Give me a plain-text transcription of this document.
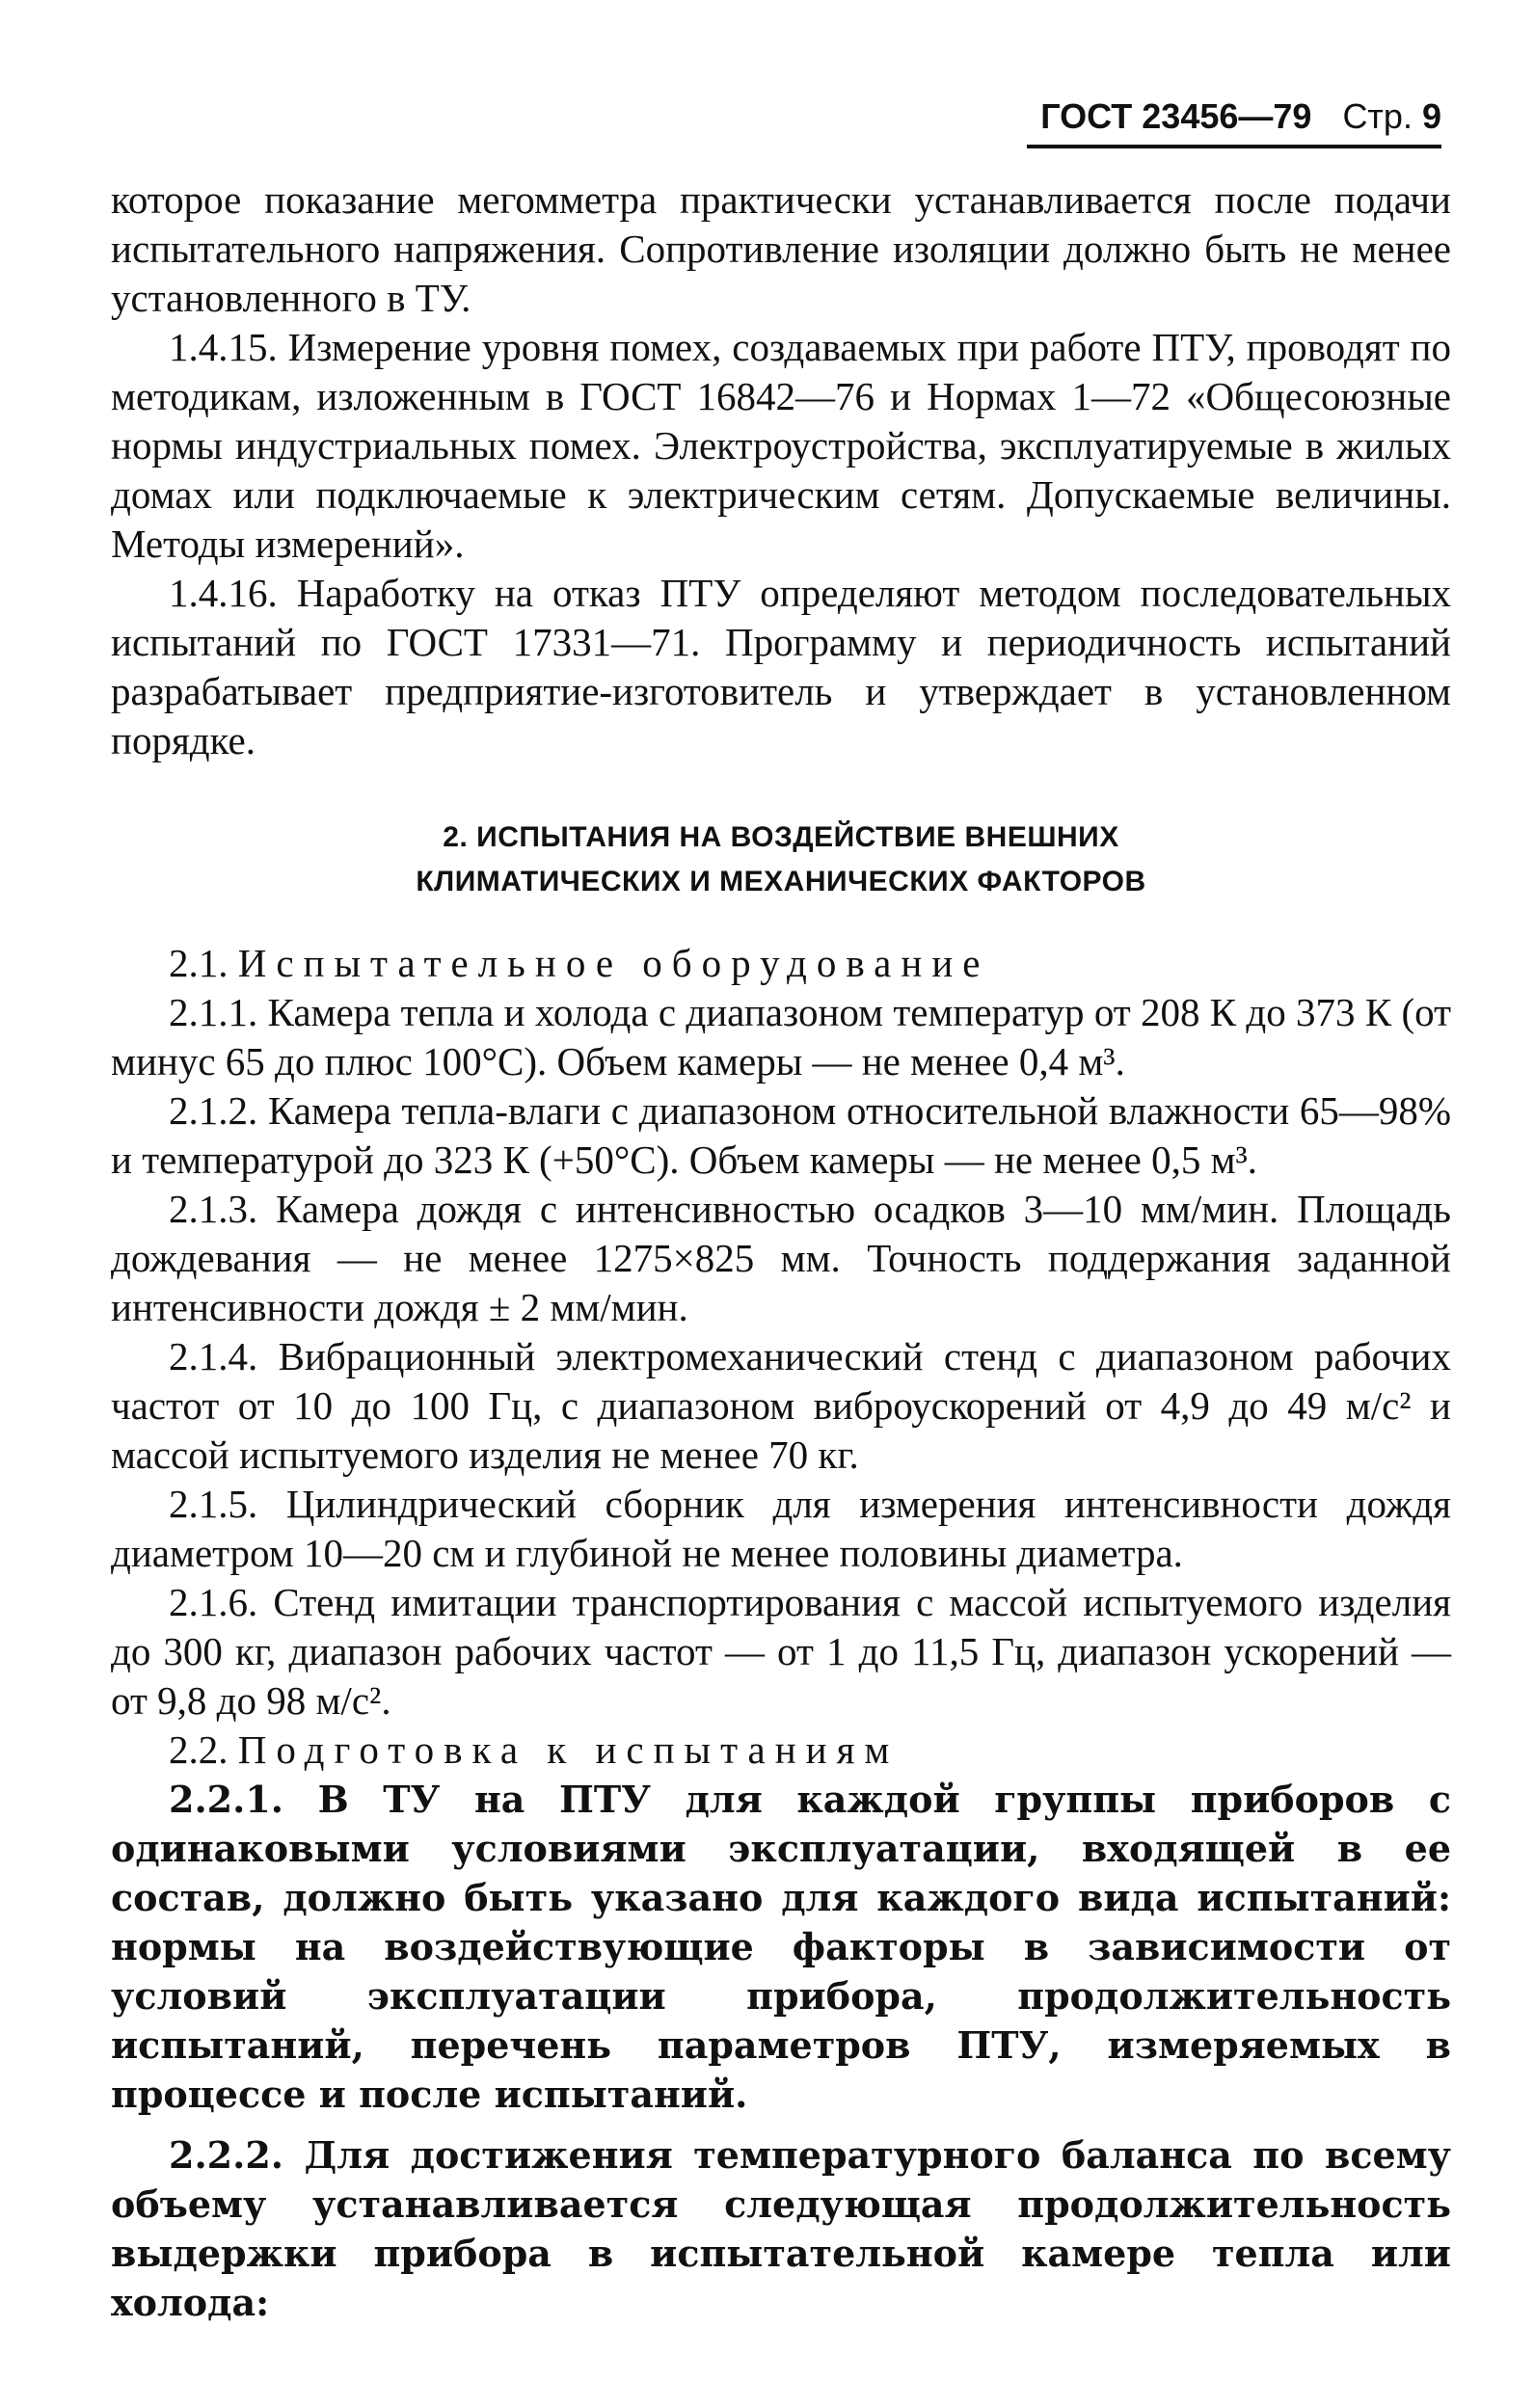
ГОСТ 23456—79 Стр. 9

которое показание мегомметра практически устанавливается после подачи испытательного напряжения. Сопротивление изоляции должно быть не менее установленного в ТУ.

1.4.15. Измерение уровня помех, создаваемых при работе ПТУ, проводят по методикам, изложенным в ГОСТ 16842—76 и Нормах 1—72 «Общесоюзные нормы индустриальных помех. Электроустройства, эксплуатируемые в жилых домах или подключаемые к электрическим сетям. Допускаемые величины. Методы измерений».

1.4.16. Наработку на отказ ПТУ определяют методом последовательных испытаний по ГОСТ 17331—71. Программу и периодичность испытаний разрабатывает предприятие-изготовитель и утверждает в установленном порядке.

2. ИСПЫТАНИЯ НА ВОЗДЕЙСТВИЕ ВНЕШНИХ
КЛИМАТИЧЕСКИХ И МЕХАНИЧЕСКИХ ФАКТОРОВ

2.1. Испытательное оборудование

2.1.1. Камера тепла и холода с диапазоном температур от 208 К до 373 К (от минус 65 до плюс 100°С). Объем камеры — не менее 0,4 м³.

2.1.2. Камера тепла-влаги с диапазоном относительной влажности 65—98% и температурой до 323 К (+50°С). Объем камеры — не менее 0,5 м³.

2.1.3. Камера дождя с интенсивностью осадков 3—10 мм/мин. Площадь дождевания — не менее 1275×825 мм. Точность поддержания заданной интенсивности дождя ± 2 мм/мин.

2.1.4. Вибрационный электромеханический стенд с диапазоном рабочих частот от 10 до 100 Гц, с диапазоном виброускорений от 4,9 до 49 м/с² и массой испытуемого изделия не менее 70 кг.

2.1.5. Цилиндрический сборник для измерения интенсивности дождя диаметром 10—20 см и глубиной не менее половины диаметра.

2.1.6. Стенд имитации транспортирования с массой испытуемого изделия до 300 кг, диапазон рабочих частот — от 1 до 11,5 Гц, диапазон ускорений — от 9,8 до 98 м/с².

2.2. Подготовка к испытаниям

2.2.1. В ТУ на ПТУ для каждой группы приборов с одинаковыми условиями эксплуатации, входящей в ее состав, должно быть указано для каждого вида испытаний: нормы на воздействующие факторы в зависимости от условий эксплуатации прибора, продолжительность испытаний, перечень параметров ПТУ, измеряемых в процессе и после испытаний.

2.2.2. Для достижения температурного баланса по всему объему устанавливается следующая продолжительность выдержки прибора в испытательной камере тепла или холода:
